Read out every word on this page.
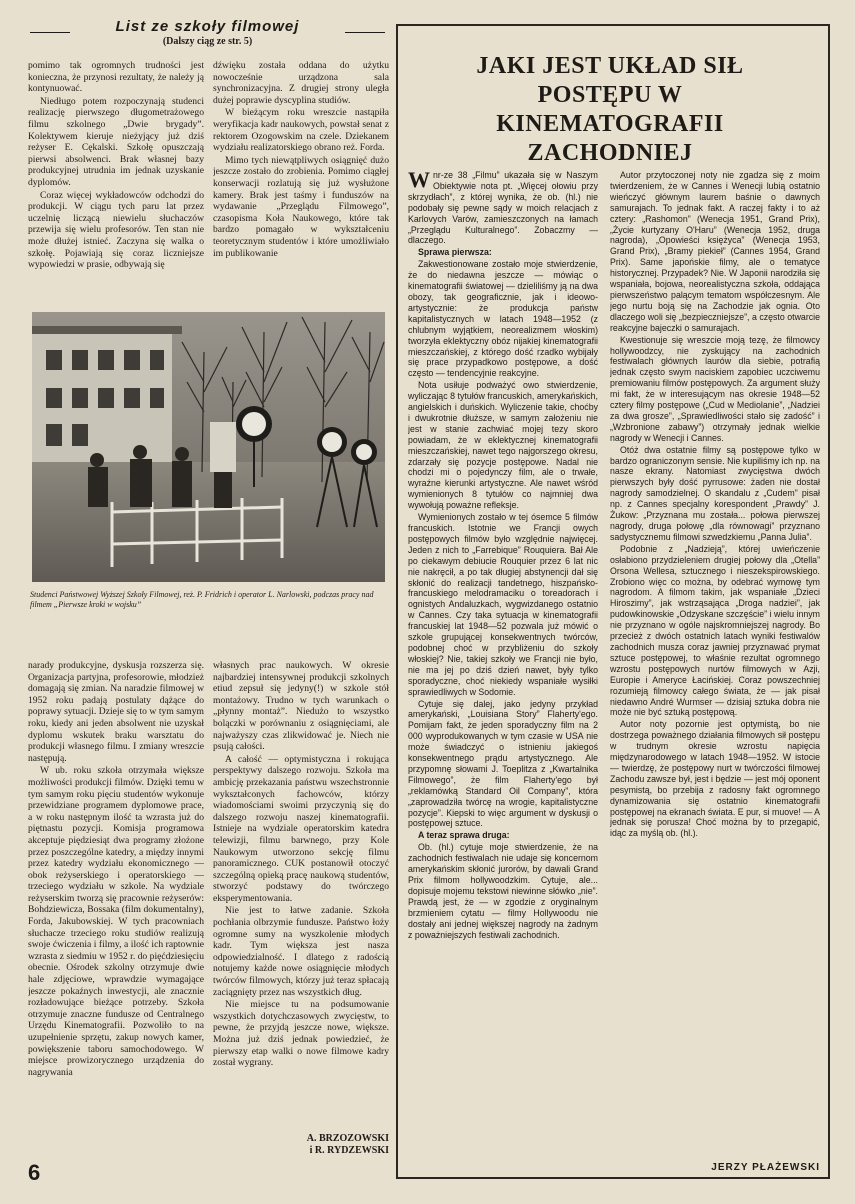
List ze szkoły filmowej
(Dalszy ciąg ze str. 5)

pomimo tak ogromnych trudności jest konieczna, że przynosi rezultaty, że należy ją kontynuować.

Niedługo potem rozpoczynają studenci realizację pierwszego długometrażowego filmu szkolnego „Dwie brygady”. Kolektywem kieruje nieżyjący już dziś reżyser E. Cękalski. Szkołę opuszczają pierwsi absolwenci. Brak własnej bazy produkcyjnej utrudnia im jednak uzyskanie dyplomów.

Coraz więcej wykładowców odchodzi do produkcji. W ciągu tych paru lat przez uczelnię liczącą niewielu słuchaczów przewija się wielu profesorów. Ten stan nie może dłużej istnieć. Zaczyna się walka o szkołę. Pojawiają się coraz liczniejsze wypowiedzi w prasie, odbywają się

dźwięku została oddana do użytku nowocześnie urządzona sala synchronizacyjna. Z drugiej strony uległa dużej poprawie dyscyplina studiów.

W bieżącym roku wreszcie nastąpiła weryfikacja kadr naukowych, powstał senat z rektorem Ozogowskim na czele. Dziekanem wydziału realizatorskiego obrano reż. Forda.

Mimo tych niewątpliwych osiągnięć dużo jeszcze zostało do zrobienia. Pomimo ciągłej konserwacji rozlatują się już wysłużone kamery. Brak jest taśmy i funduszów na wydawanie „Przeglądu Filmowego”, czasopisma Koła Naukowego, które tak bardzo pomagało w wykształceniu teoretycznym studentów i które umożliwiało im publikowanie

Studenci Państwowej Wyższej Szkoły Filmowej, reż. P. Fridrich i operator L. Narlowski, podczas pracy nad filmem „Pierwsze kroki w wojsku”

narady produkcyjne, dyskusja rozszerza się. Organizacja partyjna, profesorowie, młodzież domagają się zmian. Na naradzie filmowej w 1952 roku padają postulaty dążące do poprawy sytuacji. Dzieje się to w tym samym roku, kiedy ani jeden absolwent nie uzyskał dyplomu wskutek braku warsztatu do produkcji własnego filmu. I zmiany wreszcie następują.

W ub. roku szkoła otrzymała większe możliwości produkcji filmów. Dzięki temu w tym samym roku pięciu studentów wykonuje przewidziane programem dyplomowe prace, a w roku następnym ilość ta wzrasta już do piętnastu pozycji. Komisja programowa akceptuje piędziesiąt dwa programy złożone przez poszczególne katedry, a między innymi przez katedry wydziału ekonomicznego — obok reżyserskiego i operatorskiego — trzeciego wydziału w szkole. Na wydziale reżyserskim tworzą się pracownie reżyserów: Bohdziewicza, Bossaka (film dokumentalny), Forda, Jakubowskiej. W tych pracowniach słuchacze trzeciego roku studiów realizują swoje ćwiczenia i filmy, a ilość ich raptownie wzrasta z siedmiu w 1952 r. do pięćdziesięciu obecnie. Ośrodek szkolny otrzymuje dwie hale zdjęciowe, wprawdzie wymagające jeszcze pokaźnych inwestycji, ale znacznie rozładowujące bieżące potrzeby. Szkoła otrzymuje znaczne fundusze od Centralnego Urzędu Kinematografii. Pozwoliło to na uzupełnienie sprzętu, zakup nowych kamer, powiększenie taboru samochodowego. W miejsce prowizorycznego urządzenia do nagrywania

własnych prac naukowych. W okresie najbardziej intensywnej produkcji szkolnych etiud zepsuł się jedyny(!) w szkole stół montażowy. Trudno w tych warunkach o „płynny montaż”. Niedużo to wszystko bolączki w porównaniu z osiągnięciami, ale najważyszy czas zlikwidować je. Niech nie psują całości.

A całość — optymistyczna i rokująca perspektywy dalszego rozwoju. Szkoła ma ambicję przekazania państwu wszechstronnie wykształconych fachowców, którzy wiadomościami swoimi przyczynią się do dalszego rozwoju naszej kinematografii. Istnieje na wydziale operatorskim katedra telewizji, filmu barwnego, przy Kole Naukowym utworzono sekcję filmu panoramicznego. CUK postanowił otoczyć szczególną opieką pracę naukową studentów, stworzyć podstawy do twórczego eksperymentowania.

Nie jest to łatwe zadanie. Szkoła pochłania olbrzymie fundusze. Państwo łoży ogromne sumy na wyszkolenie młodych kadr. Tym większa jest nasza odpowiedzialność. I dlatego z radością notujemy każde nowe osiągnięcie młodych twórców filmowych, którzy już teraz spłacają zaciągnięty przez nas wszystkich dług.

Nie miejsce tu na podsumowanie wszystkich dotychczasowych zwycięstw, to pewne, że przyjdą jeszcze nowe, większe. Można już dziś jednak powiedzieć, że pierwszy etap walki o nowe filmowe kadry został wygrany.

A. BRZOZOWSKI
i R. RYDZEWSKI
6
JAKI JEST UKŁAD SIŁ POSTĘPU W KINEMATOGRAFII ZACHODNIEJ

Wnr-ze 38 „Filmu” ukazała się w Naszym Obiektywie nota pt. „Więcej ołowiu przy skrzydłach”, z której wynika, że ob. (hl.) nie podobały się pewne sądy w moich relacjach z Karlovych Varów, zamieszczonych na łamach „Przeglądu Kulturalnego”. Zobaczmy — dlaczego.

Sprawa pierwsza:

Zakwestionowane zostało moje stwierdzenie, że do niedawna jeszcze — mówiąc o kinematografii światowej — dzieliliśmy ją na dwa obozy, tak geograficznie, jak i ideowo-artystycznie: że produkcja państw kapitalistycznych w latach 1948—1952 (z chlubnym wyjątkiem, neorealizmem włoskim) tworzyła eklektyczny obóz nijakiej kinematografii mieszczańskiej, z którego dość rzadko wybijały się prace przypadkowo postępowe, a dość często — tendencyjnie reakcyjne.

Nota usiłuje podważyć owo stwierdzenie, wyliczając 8 tytułów francuskich, amerykańskich, angielskich i duńskich. Wyliczenie takie, choćby i dwukrotnie dłuższe, w samym założeniu nie jest w stanie zachwiać mojej tezy skoro powiadam, że w eklektycznej kinematografii mieszczańskiej, nawet tego najgorszego okresu, zdarzały się pozycje postępowe. Nadal nie chodzi mi o pojedynczy film, ale o trwałe, wyraźne kierunki artystyczne. Ale nawet wśród wymienionych 8 tytułów co najmniej dwa wywołują poważne refleksje.

Wymienionych zostało w tej ósemce 5 filmów francuskich. Istotnie we Francji owych postępowych filmów było względnie najwięcej. Jeden z nich to „Farrebique” Rouquiera. Bał Ale po ciekawym debiucie Rouquier przez 6 lat nic nie nakręcił, a po tak długiej abstynencji dał się skłonić do realizacji tandetnego, hiszpańsko-francuskiego melodramaciku o toreadorach i ognistych Andaluzkach, wygwizdanego ostatnio w Cannes. Czy taka sytuacja w kinematografii francuskiej lat 1948—52 pozwala już mówić o szkole grupującej konsekwentnych twórców, podobnej choć w przybliżeniu do szkoły włoskiej? Nie, takiej szkoły we Francji nie było, nie ma jej po dziś dzień nawet, były tylko sporadyczne, choć niekiedy wspaniałe wysiłki sprawiedliwych w Sodomie.

Cytuje się dalej, jako jedyny przykład amerykański, „Louisiana Story” Flaherty'ego. Pomijam fakt, że jeden sporadyczny film na 2 000 wyprodukowanych w tym czasie w USA nie może świadczyć o istnieniu jakiegoś konsekwentnego prądu artystycznego. Ale przypomnę słowami J. Toeplitza z „Kwartalnika Filmowego”, że film Flaherty'ego był „reklamówką Standard Oil Company”, która „zaprowadziła twórcę na wrogie, kapitalistyczne pozycje”. Kiepski to więc argument w dyskusji o postępowej sztuce.

A teraz sprawa druga:

Ob. (hl.) cytuje moje stwierdzenie, że na zachodnich festiwalach nie udaje się koncernom amerykańskim skłonić jurorów, by dawali Grand Prix filmom hollywoodzkim. Cytuje, ale... dopisuje mojemu tekstowi niewinne słówko „nie”. Prawdą jest, że — w zgodzie z oryginalnym brzmieniem cytatu — filmy Hollywoodu nie dostały ani jednej większej nagrody na żadnym z poważniejszych festiwali zachodnich.

Autor przytoczonej noty nie zgadza się z moim twierdzeniem, że w Cannes i Wenecji lubią ostatnio wieńczyć głównym laurem baśnie o dawnych samurajach. To jednak fakt. A raczej fakty i to aż cztery: „Rashomon” (Wenecja 1951, Grand Prix), „Życie kurtyzany O'Haru” (Wenecja 1952, druga nagroda), „Opowieści księżyca” (Wenecja 1953, Grand Prix), „Bramy piekieł” (Cannes 1954, Grand Prix). Same japońskie filmy, ale o tematyce historycznej. Przypadek? Nie. W Japonii narodziła się wspaniała, bojowa, neorealistyczna szkoła, oddająca pierwszeństwo palącym tematom współczesnym. Ale jego nurtu boją się na Zachodzie jak ognia. Oto dlaczego woli się „bezpieczniejsze”, a często otwarcie reakcyjne bajeczki o samurajach.

Kwestionuje się wreszcie moją tezę, że filmowcy hollywoodzcy, nie zyskujący na zachodnich festiwalach głównych laurów dla siebie, potrafią jednak często swym naciskiem zapobiec uczciwemu premiowaniu filmów postępowych. Za argument służy mi fakt, że w interesującym nas okresie 1948—52 cztery filmy postępowe („Cud w Mediolanie”, „Nadziei za dwa grosze”, „Sprawiedliwości stało się zadość” i „Wzbronione zabawy”) otrzymały jednak wielkie nagrody w Wenecji i Cannes.

Otóż dwa ostatnie filmy są postępowe tylko w bardzo ograniczonym sensie. Nie kupiliśmy ich np. na nasze ekrany. Natomiast zwycięstwa dwóch pierwszych były dość pyrrusowe: żaden nie dostał nagrody samodzielnej. O skandalu z „Cudem” pisał np. z Cannes specjalny korespondent „Prawdy” J. Żukow: „Przyznana mu została... połowa pierwszej nagrody, druga połowę „dla równowagi” przyznano sadystycznemu filmowi szwedzkiemu „Panna Julia”.

Podobnie z „Nadzieją”, której uwieńczenie osłabiono przydzieleniem drugiej połowy dla „Otella” Orsona Wellesa, sztucznego i nieszekspirowskiego. Zrobiono więc co można, by odebrać wymowę tym nagrodom. A filmom takim, jak wspaniałe „Dzieci Hiroszimy”, jak wstrząsająca „Droga nadziei”, jak pudowkinowskie „Odzyskane szczęście” i wielu innym nie przyznano w ogóle najskromniejszej nagrody. Bo przecież z dwóch ostatnich latach wyniki festiwalów zachodnich musza coraz jawniej przyznawać prymat sztuce postępowej, to właśnie rezultat ogromnego wzrostu postępowych nurtów filmowych w Azji, Europie i Ameryce Łacińskiej. Coraz powszechniej rozumieją filmowcy całego świata, że — jak pisał niedawno André Wurmser — dzisiaj sztuka dobra nie może nie być sztuką postępową.

Autor noty pozornie jest optymistą, bo nie dostrzega poważnego działania filmowych sił postępu w trudnym okresie wzrostu napięcia międzynarodowego w latach 1948—1952. W istocie — twierdzę, że postępowy nurt w twórczości filmowej Zachodu zawsze był, jest i będzie — jest mój oponent pesymistą, bo przebija z radosny fakt ogromnego dynamizowania się ostatnio kinematografii postępowej na ekranach świata. E pur, si muove! — A jednak się porusza! Choć można by to przegapić, idąc za myślą ob. (hl.).

JERZY PŁAŻEWSKI
